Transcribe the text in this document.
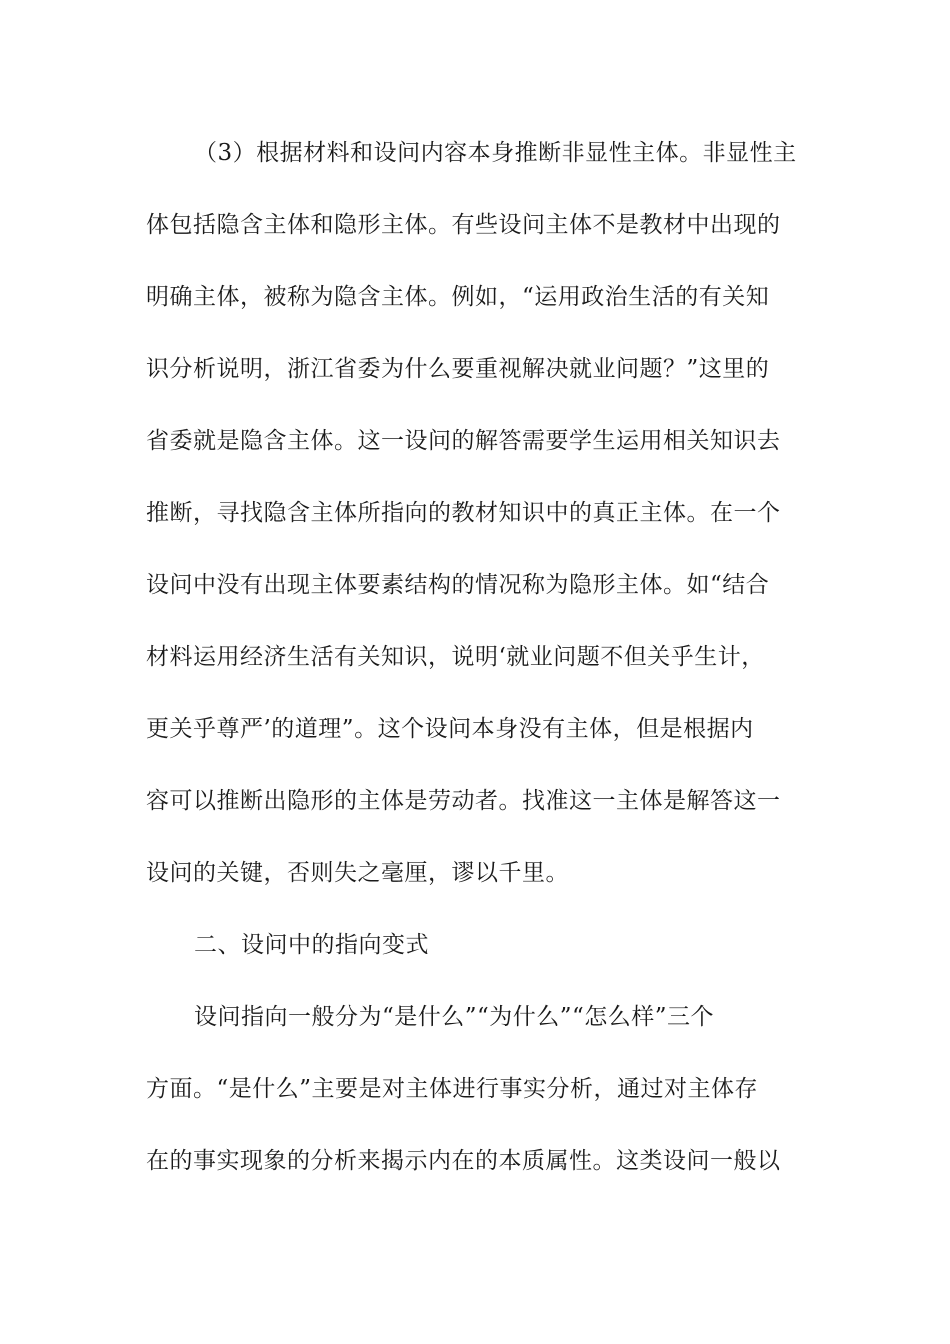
（3）根据材料和设问内容本身推断非显性主体。非显性主
体包括隐含主体和隐形主体。有些设问主体不是教材中出现的
明确主体，被称为隐含主体。例如，“运用政治生活的有关知
识分析说明，浙江省委为什么要重视解决就业问题？”这里的
省委就是隐含主体。这一设问的解答需要学生运用相关知识去
推断，寻找隐含主体所指向的教材知识中的真正主体。在一个
设问中没有出现主体要素结构的情况称为隐形主体。如“结合
材料运用经济生活有关知识，说明‘就业问题不但关乎生计，
更关乎尊严’的道理”。这个设问本身没有主体，但是根据内
容可以推断出隐形的主体是劳动者。找准这一主体是解答这一
设问的关键，否则失之毫厘，谬以千里。
二、设问中的指向变式
设问指向一般分为“是什么”“为什么”“怎么样”三个
方面。“是什么”主要是对主体进行事实分析，通过对主体存
在的事实现象的分析来揭示内在的本质属性。这类设问一般以
